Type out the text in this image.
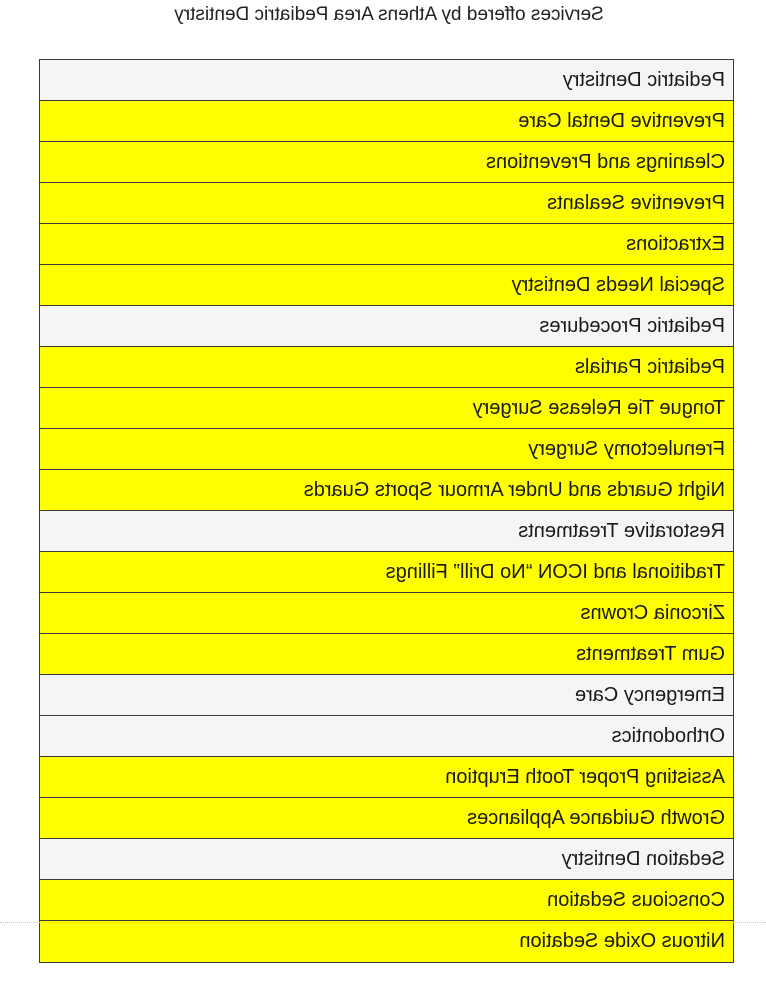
Services offered by Athens Area Pediatric Dentistry
Pediatric Dentistry
Preventive Dental Care
Cleanings and Preventions
Preventive Sealants
Extractions
Special Needs Dentistry
Pediatric Procedures
Pediatric Partials
Tongue Tie Release Surgery
Frenulectomy Surgery
Night Guards and Under Armour Sports Guards
Restorative Treatments
Traditional and ICON “No Drill” Fillings
Zirconia Crowns
Gum Treatments
Emergency Care
Orthodontics
Assisting Proper Tooth Eruption
Growth Guidance Appliances
Sedation Dentistry
Conscious Sedation
Nitrous Oxide Sedation
